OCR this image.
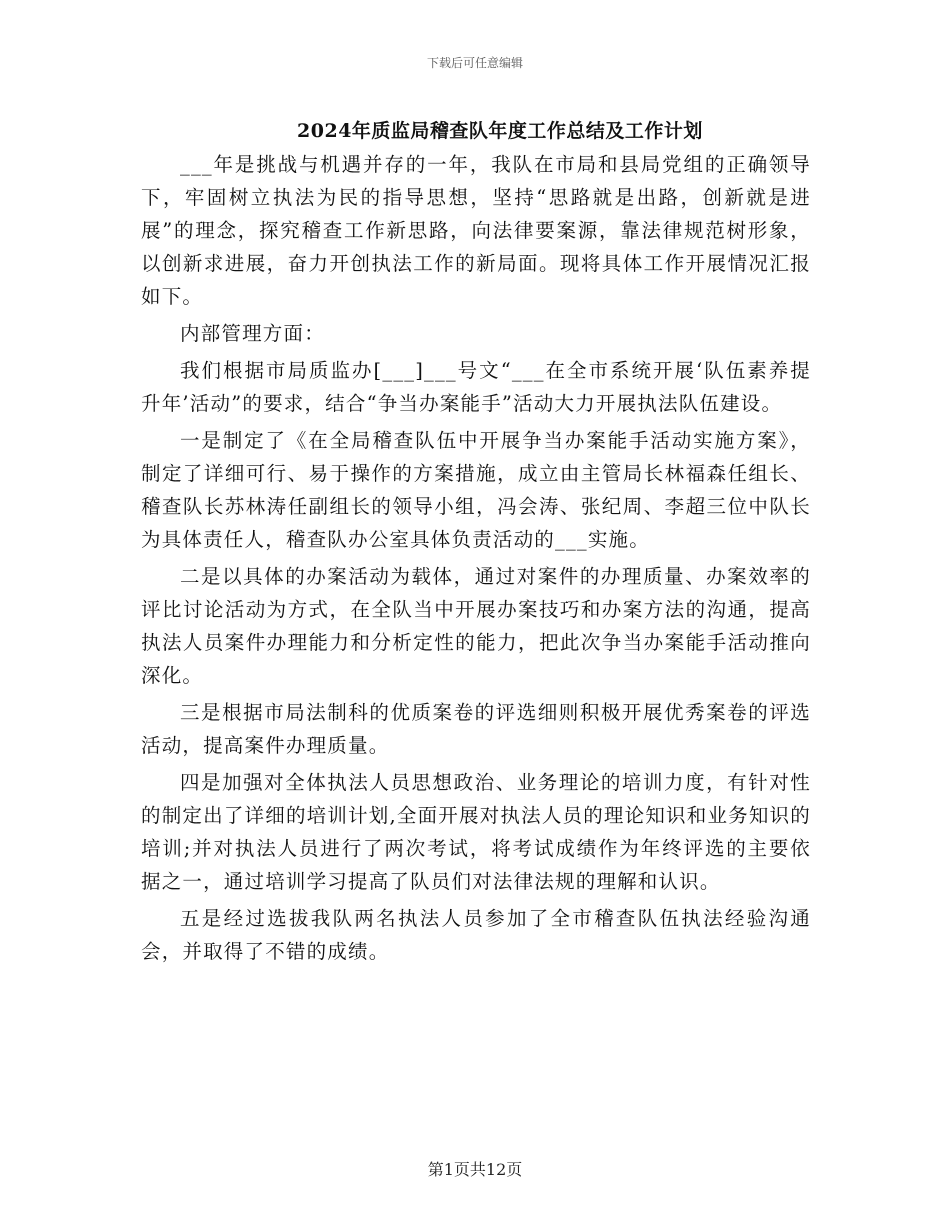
下载后可任意编辑
2024年质监局稽查队年度工作总结及工作计划

___年是挑战与机遇并存的一年，我队在市局和县局党组的正确领导下，牢固树立执法为民的指导思想，坚持“思路就是出路，创新就是进展”的理念，探究稽查工作新思路，向法律要案源，靠法律规范树形象，以创新求进展，奋力开创执法工作的新局面。现将具体工作开展情况汇报如下。

内部管理方面：

我们根据市局质监办[___]___号文“___在全市系统开展‘队伍素养提升年’活动”的要求，结合“争当办案能手”活动大力开展执法队伍建设。

一是制定了《在全局稽查队伍中开展争当办案能手活动实施方案》，制定了详细可行、易于操作的方案措施，成立由主管局长林福森任组长、稽查队长苏林涛任副组长的领导小组，冯会涛、张纪周、李超三位中队长为具体责任人，稽查队办公室具体负责活动的___实施。

二是以具体的办案活动为载体，通过对案件的办理质量、办案效率的评比讨论活动为方式，在全队当中开展办案技巧和办案方法的沟通，提高执法人员案件办理能力和分析定性的能力，把此次争当办案能手活动推向深化。

三是根据市局法制科的优质案卷的评选细则积极开展优秀案卷的评选活动，提高案件办理质量。

四是加强对全体执法人员思想政治、业务理论的培训力度，有针对性的制定出了详细的培训计划,全面开展对执法人员的理论知识和业务知识的培训;并对执法人员进行了两次考试，将考试成绩作为年终评选的主要依据之一，通过培训学习提高了队员们对法律法规的理解和认识。

五是经过选拔我队两名执法人员参加了全市稽查队伍执法经验沟通会，并取得了不错的成绩。

第1页共12页
